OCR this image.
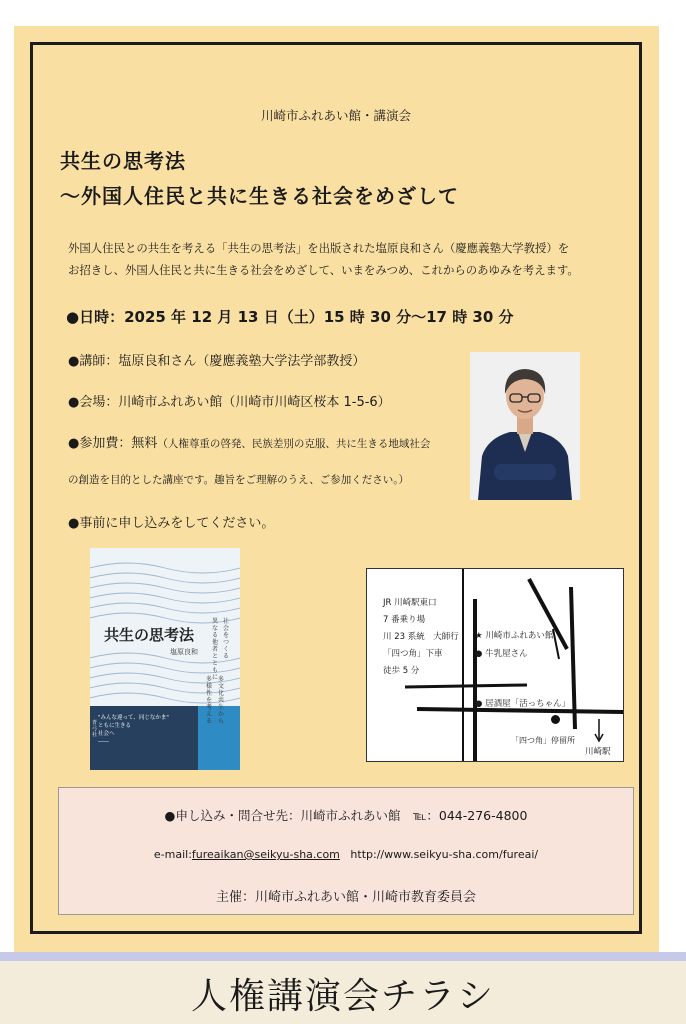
川崎市ふれあい館・講演会
共生の思考法
～外国人住民と共に生きる社会をめざして
外国人住民との共生を考える「共生の思考法」を出版された塩原良和さん（慶應義塾大学教授）を
お招きし、外国人住民と共に生きる社会をめざして、いまをみつめ、これからのあゆみを考えます。
●日時：2025 年 12 月 13 日（土）15 時 30 分～17 時 30 分
●講師：塩原良和さん（慶應義塾大学法学部教授）
●会場：川崎市ふれあい館（川崎市川崎区桜本 1-5-6）
●参加費：無料（人権尊重の啓発、民族差別の克服、共に生きる地域社会
の創造を目的とした講座です。趣旨をご理解のうえ、ご参加ください。）
●事前に申し込みをしてください。
共生の思考法
塩原良和
異なる他者とともに
社会をつくる
多文化共生から
多様性を考える
"みんな違って、同じなかま"
ともに生きる
社会へ
――
青弓社
JR 川崎駅東口
7 番乗り場
川 23 系統　大師行
「四つ角」下車
徒歩 5 分
★ 川崎市ふれあい館
● 牛乳屋さん
● 居酒屋「活っちゃん」
「四つ角」停留所
川崎駅
●申し込み・問合せ先：川崎市ふれあい館　℡：044-276-4800
e-mail:fureaikan@seikyu-sha.com http://www.seikyu-sha.com/fureai/
主催：川崎市ふれあい館・川崎市教育委員会
人権講演会チラシ
